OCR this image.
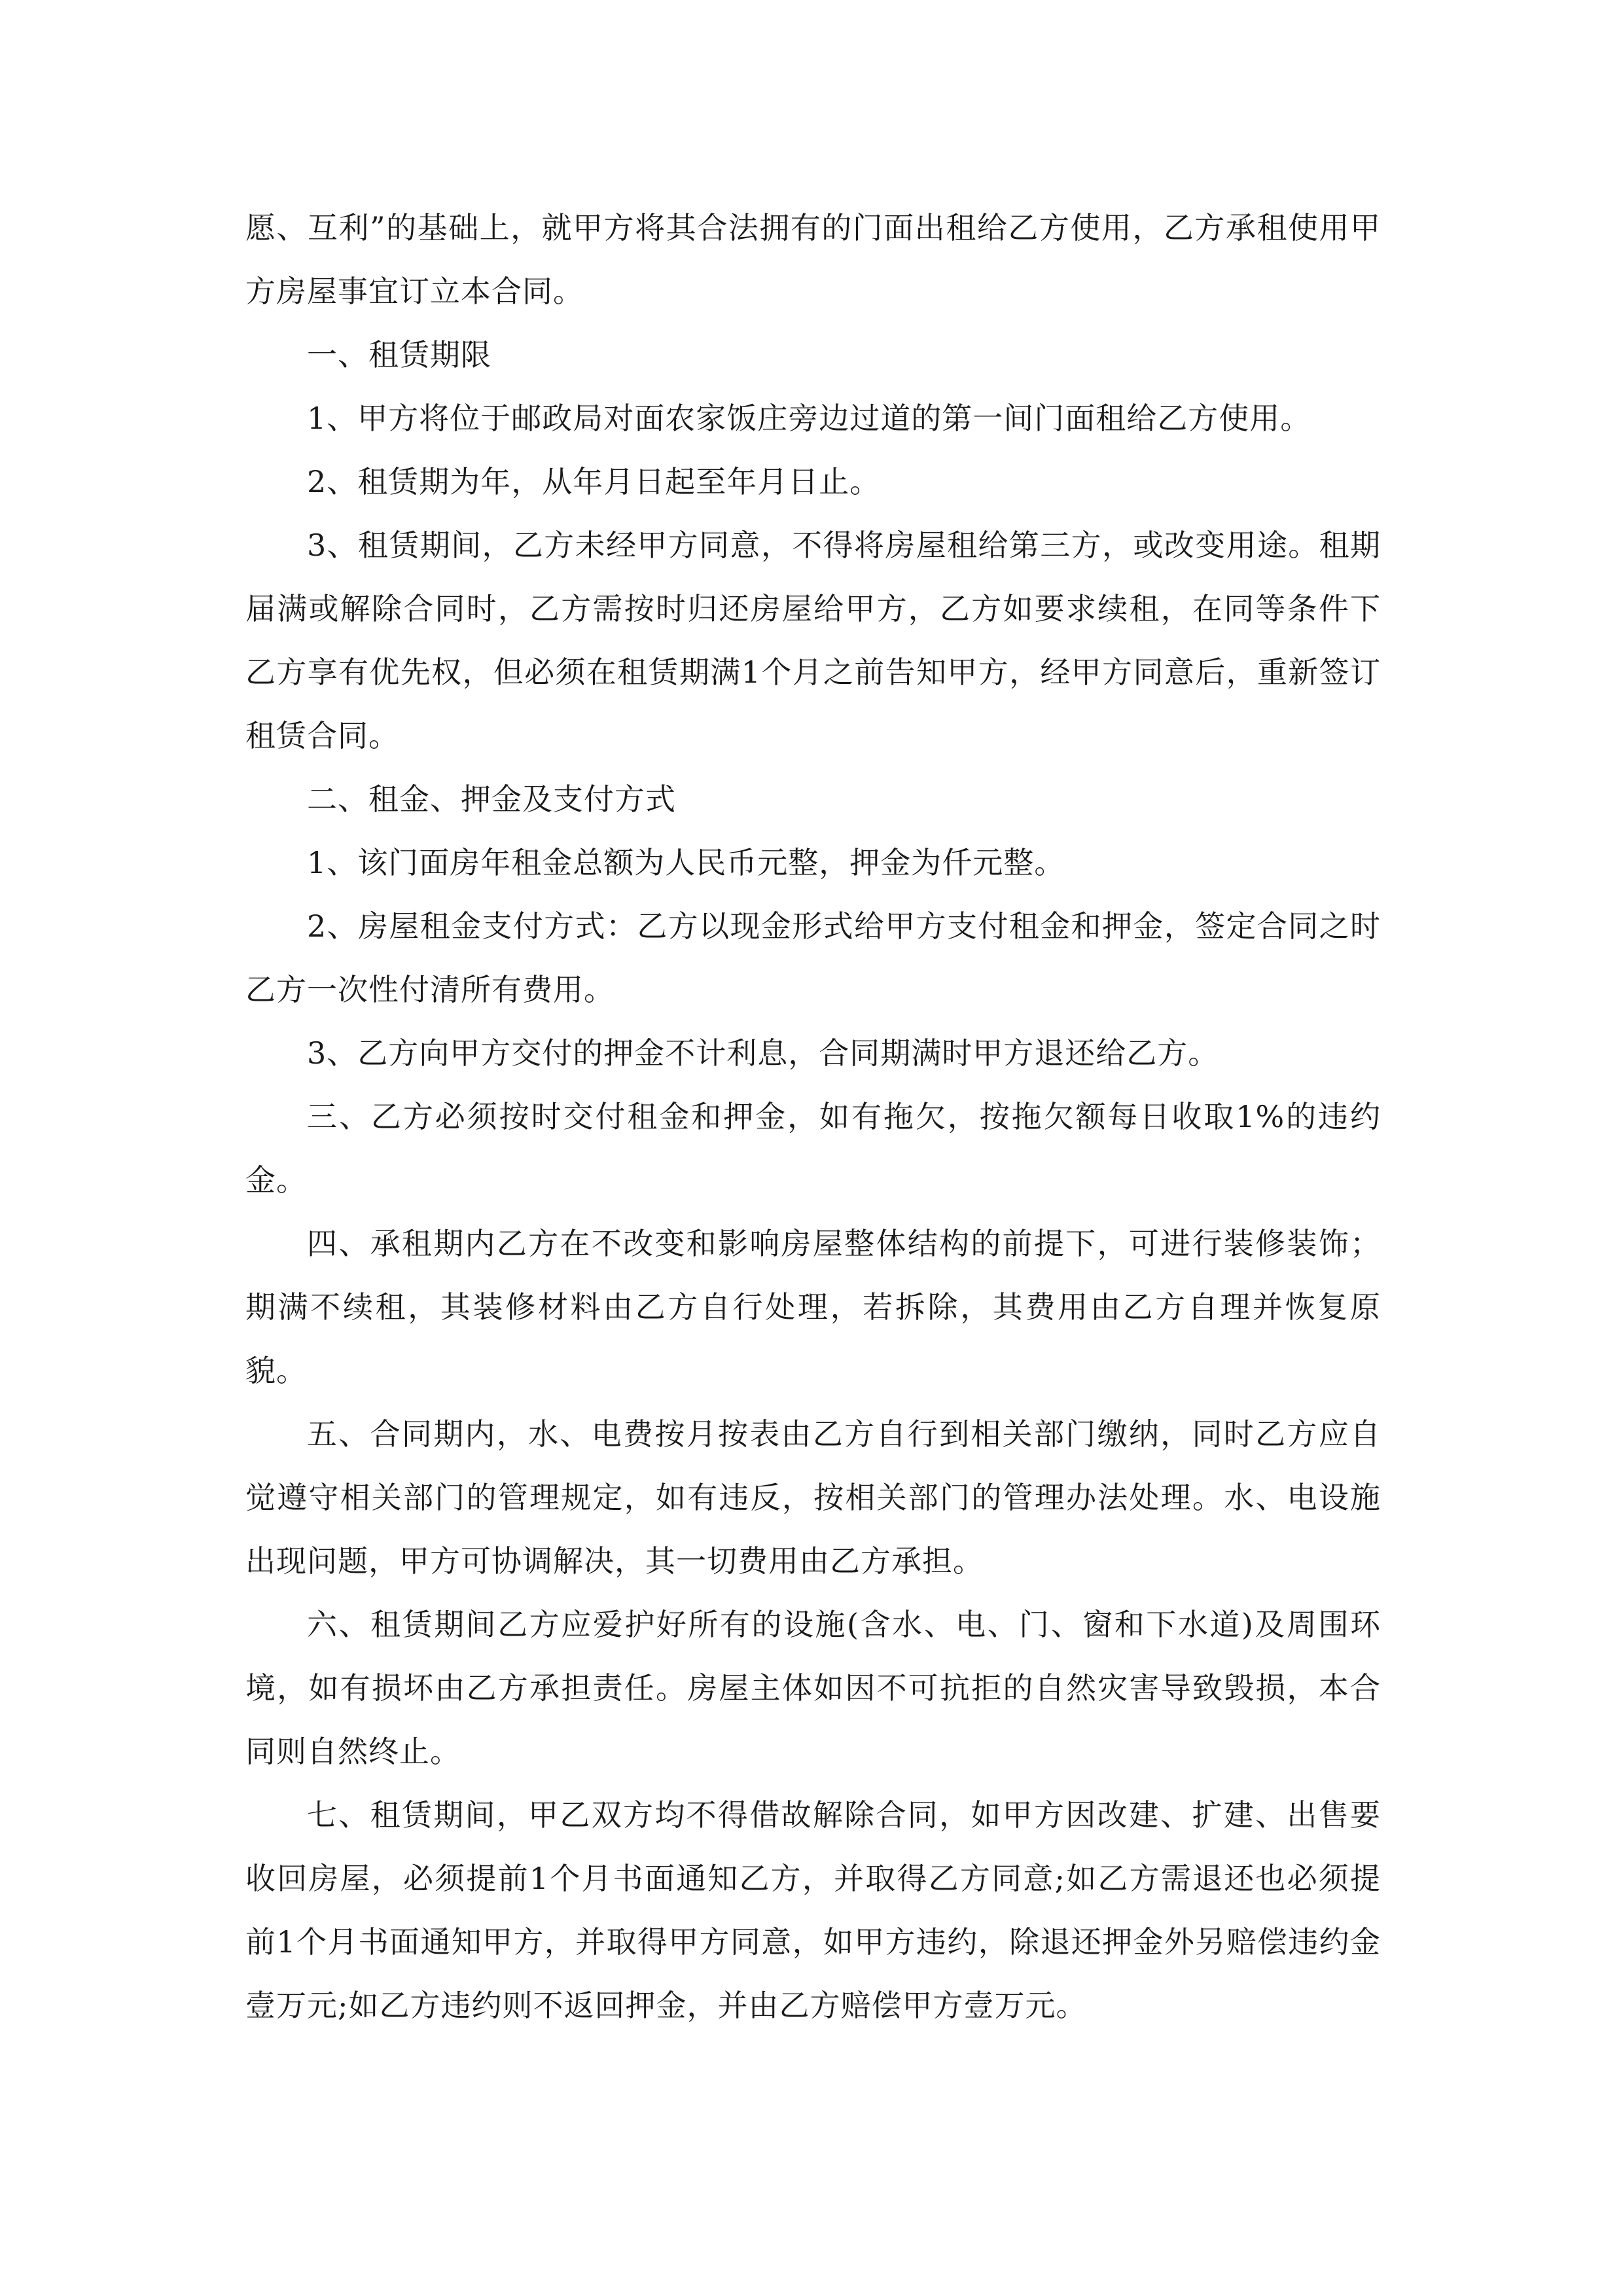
愿、互利”的基础上，就甲方将其合法拥有的门面出租给乙方使用，乙方承租使用甲方房屋事宜订立本合同。

一、租赁期限

1、甲方将位于邮政局对面农家饭庄旁边过道的第一间门面租给乙方使用。

2、租赁期为年，从年月日起至年月日止。

3、租赁期间，乙方未经甲方同意，不得将房屋租给第三方，或改变用途。租期届满或解除合同时，乙方需按时归还房屋给甲方，乙方如要求续租，在同等条件下乙方享有优先权，但必须在租赁期满1个月之前告知甲方，经甲方同意后，重新签订租赁合同。

二、租金、押金及支付方式

1、该门面房年租金总额为人民币元整，押金为仟元整。

2、房屋租金支付方式：乙方以现金形式给甲方支付租金和押金，签定合同之时乙方一次性付清所有费用。

3、乙方向甲方交付的押金不计利息，合同期满时甲方退还给乙方。

三、乙方必须按时交付租金和押金，如有拖欠，按拖欠额每日收取1%的违约金。

四、承租期内乙方在不改变和影响房屋整体结构的前提下，可进行装修装饰；期满不续租，其装修材料由乙方自行处理，若拆除，其费用由乙方自理并恢复原貌。

五、合同期内，水、电费按月按表由乙方自行到相关部门缴纳，同时乙方应自觉遵守相关部门的管理规定，如有违反，按相关部门的管理办法处理。水、电设施出现问题，甲方可协调解决，其一切费用由乙方承担。

六、租赁期间乙方应爱护好所有的设施(含水、电、门、窗和下水道)及周围环境，如有损坏由乙方承担责任。房屋主体如因不可抗拒的自然灾害导致毁损，本合同则自然终止。

七、租赁期间，甲乙双方均不得借故解除合同，如甲方因改建、扩建、出售要收回房屋，必须提前1个月书面通知乙方，并取得乙方同意;如乙方需退还也必须提前1个月书面通知甲方，并取得甲方同意，如甲方违约，除退还押金外另赔偿违约金壹万元;如乙方违约则不返回押金，并由乙方赔偿甲方壹万元。
